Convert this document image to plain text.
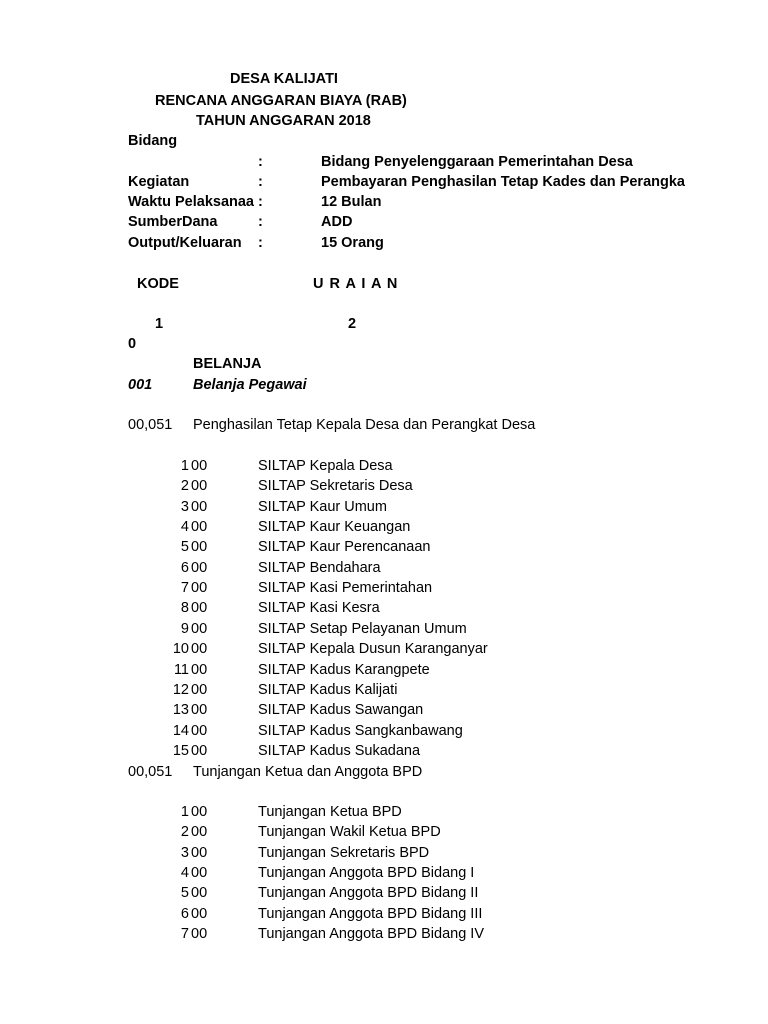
DESA KALIJATI
RENCANA ANGGARAN BIAYA (RAB)
TAHUN ANGGARAN 2018
Bidang
:	Bidang Penyelenggaraan Pemerintahan Desa
Kegiatan	:	Pembayaran Penghasilan Tetap Kades dan Perangka
Waktu Pelaksanaa :	12 Bulan
SumberDana	:	ADD
Output/Keluaran :	15 Orang
KODE	U R A I A N
1	2
0
BELANJA
001	Belanja Pegawai
00,051 Penghasilan Tetap Kepala Desa dan Perangkat Desa
1 00	SILTAP Kepala Desa
2 00	SILTAP Sekretaris Desa
3 00	SILTAP Kaur Umum
4 00	SILTAP Kaur Keuangan
5 00	SILTAP Kaur Perencanaan
6 00	SILTAP Bendahara
7 00	SILTAP Kasi Pemerintahan
8 00	SILTAP Kasi Kesra
9 00	SILTAP Setap Pelayanan Umum
10 00	SILTAP Kepala Dusun Karanganyar
11 00	SILTAP Kadus Karangpete
12 00	SILTAP Kadus Kalijati
13 00	SILTAP Kadus Sawangan
14 00	SILTAP Kadus Sangkanbawang
15 00	SILTAP Kadus Sukadana
00,051 Tunjangan Ketua dan Anggota BPD
1 00	Tunjangan Ketua BPD
2 00	Tunjangan Wakil Ketua BPD
3 00	Tunjangan Sekretaris BPD
4 00	Tunjangan Anggota BPD Bidang I
5 00	Tunjangan Anggota BPD Bidang II
6 00	Tunjangan Anggota BPD Bidang III
7 00	Tunjangan Anggota BPD Bidang IV
